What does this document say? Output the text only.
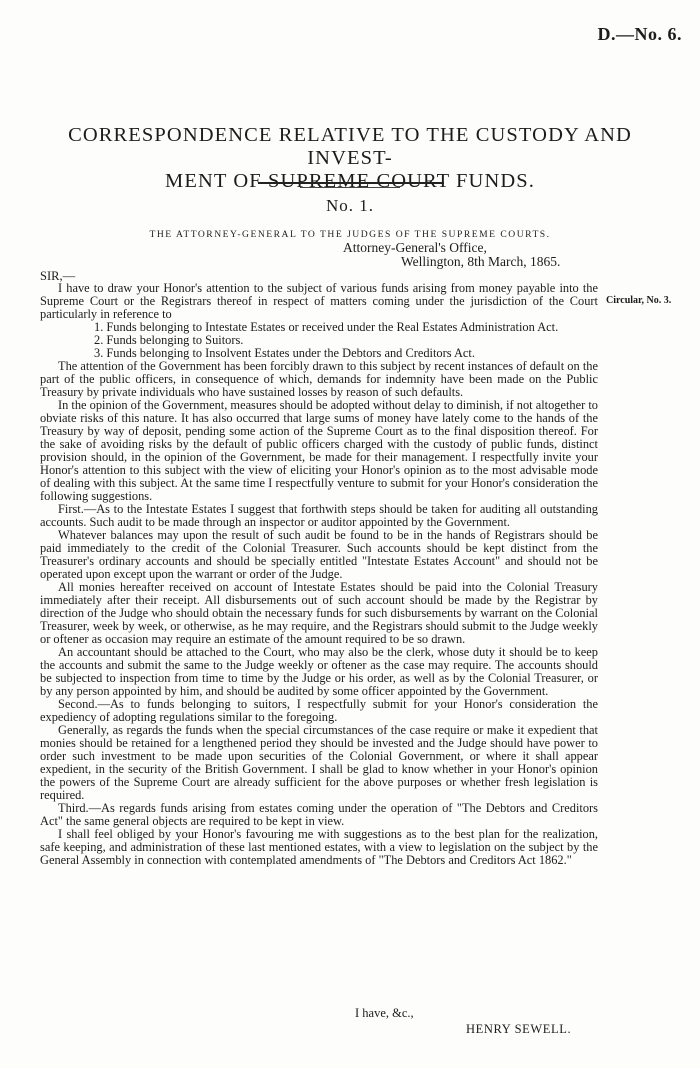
D.—No. 6.
CORRESPONDENCE RELATIVE TO THE CUSTODY AND INVEST-
MENT OF SUPREME COURT FUNDS.
No. 1.
THE ATTORNEY-GENERAL TO THE JUDGES OF THE SUPREME COURTS.
Attorney-General's Office,
Wellington, 8th March, 1865.
SIR,—
Circular, No. 3.

I have to draw your Honor's attention to the subject of various funds arising from money payable into the Supreme Court or the Registrars thereof in respect of matters coming under the jurisdiction of the Court particularly in reference to

1. Funds belonging to Intestate Estates or received under the Real Estates Administration Act.
2. Funds belonging to Suitors.
3. Funds belonging to Insolvent Estates under the Debtors and Creditors Act.

The attention of the Government has been forcibly drawn to this subject by recent instances of default on the part of the public officers, in consequence of which, demands for indemnity have been made on the Public Treasury by private individuals who have sustained losses by reason of such defaults.

In the opinion of the Government, measures should be adopted without delay to diminish, if not altogether to obviate risks of this nature. It has also occurred that large sums of money have lately come to the hands of the Treasury by way of deposit, pending some action of the Supreme Court as to the final disposition thereof. For the sake of avoiding risks by the default of public officers charged with the custody of public funds, distinct provision should, in the opinion of the Government, be made for their management. I respectfully invite your Honor's attention to this subject with the view of eliciting your Honor's opinion as to the most advisable mode of dealing with this subject. At the same time I respectfully venture to submit for your Honor's consideration the following suggestions.

First.—As to the Intestate Estates I suggest that forthwith steps should be taken for auditing all outstanding accounts. Such audit to be made through an inspector or auditor appointed by the Government.

Whatever balances may upon the result of such audit be found to be in the hands of Registrars should be paid immediately to the credit of the Colonial Treasurer. Such accounts should be kept distinct from the Treasurer's ordinary accounts and should be specially entitled "Intestate Estates Account" and should not be operated upon except upon the warrant or order of the Judge.

All monies hereafter received on account of Intestate Estates should be paid into the Colonial Treasury immediately after their receipt. All disbursements out of such account should be made by the Registrar by direction of the Judge who should obtain the necessary funds for such disbursements by warrant on the Colonial Treasurer, week by week, or otherwise, as he may require, and the Registrars should submit to the Judge weekly or oftener as occasion may require an estimate of the amount required to be so drawn.

An accountant should be attached to the Court, who may also be the clerk, whose duty it should be to keep the accounts and submit the same to the Judge weekly or oftener as the case may require. The accounts should be subjected to inspection from time to time by the Judge or his order, as well as by the Colonial Treasurer, or by any person appointed by him, and should be audited by some officer appointed by the Government.

Second.—As to funds belonging to suitors, I respectfully submit for your Honor's consideration the expediency of adopting regulations similar to the foregoing.

Generally, as regards the funds when the special circumstances of the case require or make it expedient that monies should be retained for a lengthened period they should be invested and the Judge should have power to order such investment to be made upon securities of the Colonial Government, or where it shall appear expedient, in the security of the British Government. I shall be glad to know whether in your Honor's opinion the powers of the Supreme Court are already sufficient for the above purposes or whether fresh legislation is required.

Third.—As regards funds arising from estates coming under the operation of "The Debtors and Creditors Act" the same general objects are required to be kept in view.

I shall feel obliged by your Honor's favouring me with suggestions as to the best plan for the realization, safe keeping, and administration of these last mentioned estates, with a view to legislation on the subject by the General Assembly in connection with contemplated amendments of "The Debtors and Creditors Act 1862."

I have, &c.,
HENRY SEWELL.
